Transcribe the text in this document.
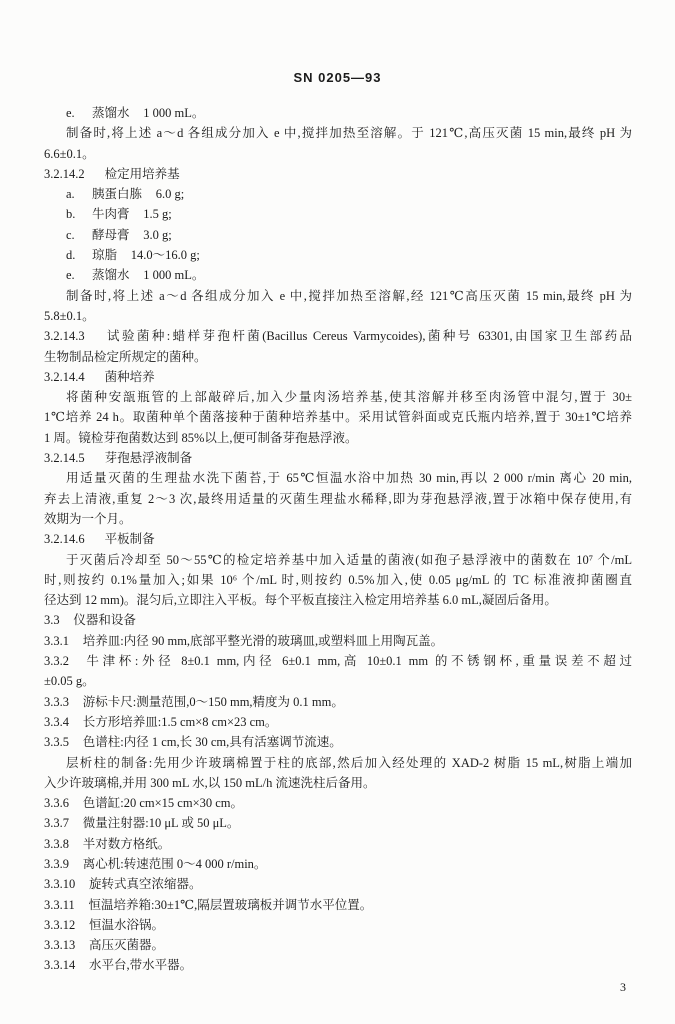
SN 0205—93
e. 蒸馏水 1 000 mL。
制备时,将上述 a～d 各组成分加入 e 中,搅拌加热至溶解。于 121℃,高压灭菌 15 min,最终 pH 为
6.6±0.1。
3.2.14.2 检定用培养基
a. 胰蛋白胨 6.0 g;
b. 牛肉膏 1.5 g;
c. 酵母膏 3.0 g;
d. 琼脂 14.0～16.0 g;
e. 蒸馏水 1 000 mL。
制备时,将上述 a～d 各组成分加入 e 中,搅拌加热至溶解,经 121℃高压灭菌 15 min,最终 pH 为
5.8±0.1。
3.2.14.3 试验菌种:蜡样芽孢杆菌(Bacillus Cereus Varmycoides),菌种号 63301,由国家卫生部药品
生物制品检定所规定的菌种。
3.2.14.4 菌种培养
将菌种安瓿瓶管的上部敲碎后,加入少量肉汤培养基,使其溶解并移至肉汤管中混匀,置于 30±
1℃培养 24 h。取菌种单个菌落接种于菌种培养基中。采用试管斜面或克氏瓶内培养,置于 30±1℃培养
1 周。镜检芽孢菌数达到 85%以上,便可制备芽孢悬浮液。
3.2.14.5 芽孢悬浮液制备
用适量灭菌的生理盐水洗下菌苔,于 65℃恒温水浴中加热 30 min,再以 2 000 r/min 离心 20 min,
弃去上清液,重复 2～3 次,最终用适量的灭菌生理盐水稀释,即为芽孢悬浮液,置于冰箱中保存使用,有
效期为一个月。
3.2.14.6 平板制备
于灭菌后冷却至 50～55℃的检定培养基中加入适量的菌液(如孢子悬浮液中的菌数在 10⁷ 个/mL
时,则按约 0.1%量加入;如果 10⁶ 个/mL 时,则按约 0.5%加入,使 0.05 μg/mL 的 TC 标准液抑菌圈直
径达到 12 mm)。混匀后,立即注入平板。每个平板直接注入检定用培养基 6.0 mL,凝固后备用。
3.3 仪器和设备
3.3.1 培养皿:内径 90 mm,底部平整光滑的玻璃皿,或塑料皿上用陶瓦盖。
3.3.2 牛津杯:外径 8±0.1 mm,内径 6±0.1 mm,高 10±0.1 mm 的不锈钢杯,重量误差不超过
±0.05 g。
3.3.3 游标卡尺:测量范围,0～150 mm,精度为 0.1 mm。
3.3.4 长方形培养皿:1.5 cm×8 cm×23 cm。
3.3.5 色谱柱:内径 1 cm,长 30 cm,具有活塞调节流速。
层析柱的制备:先用少许玻璃棉置于柱的底部,然后加入经处理的 XAD-2 树脂 15 mL,树脂上端加
入少许玻璃棉,并用 300 mL 水,以 150 mL/h 流速洗柱后备用。
3.3.6 色谱缸:20 cm×15 cm×30 cm。
3.3.7 微量注射器:10 μL 或 50 μL。
3.3.8 半对数方格纸。
3.3.9 离心机:转速范围 0～4 000 r/min。
3.3.10 旋转式真空浓缩器。
3.3.11 恒温培养箱:30±1℃,隔层置玻璃板并调节水平位置。
3.3.12 恒温水浴锅。
3.3.13 高压灭菌器。
3.3.14 水平台,带水平器。
3
